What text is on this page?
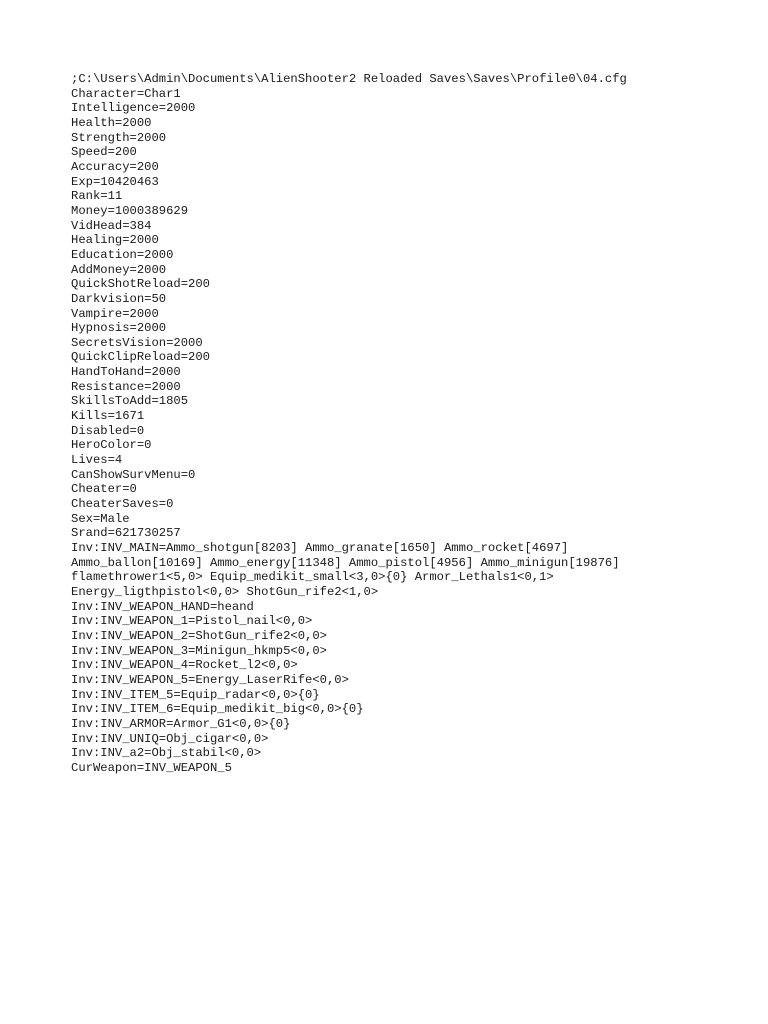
;C:\Users\Admin\Documents\AlienShooter2 Reloaded Saves\Saves\Profile0\04.cfg
Character=Char1
Intelligence=2000
Health=2000
Strength=2000
Speed=200
Accuracy=200
Exp=10420463
Rank=11
Money=1000389629
VidHead=384
Healing=2000
Education=2000
AddMoney=2000
QuickShotReload=200
Darkvision=50
Vampire=2000
Hypnosis=2000
SecretsVision=2000
QuickClipReload=200
HandToHand=2000
Resistance=2000
SkillsToAdd=1805
Kills=1671
Disabled=0
HeroColor=0
Lives=4
CanShowSurvMenu=0
Cheater=0
CheaterSaves=0
Sex=Male
Srand=621730257
Inv:INV_MAIN=Ammo_shotgun[8203] Ammo_granate[1650] Ammo_rocket[4697]
Ammo_ballon[10169] Ammo_energy[11348] Ammo_pistol[4956] Ammo_minigun[19876]
flamethrower1<5,0> Equip_medikit_small<3,0>{0} Armor_Lethals1<0,1>
Energy_ligthpistol<0,0> ShotGun_rife2<1,0>
Inv:INV_WEAPON_HAND=heand
Inv:INV_WEAPON_1=Pistol_nail<0,0>
Inv:INV_WEAPON_2=ShotGun_rife2<0,0>
Inv:INV_WEAPON_3=Minigun_hkmp5<0,0>
Inv:INV_WEAPON_4=Rocket_l2<0,0>
Inv:INV_WEAPON_5=Energy_LaserRife<0,0>
Inv:INV_ITEM_5=Equip_radar<0,0>{0}
Inv:INV_ITEM_6=Equip_medikit_big<0,0>{0}
Inv:INV_ARMOR=Armor_G1<0,0>{0}
Inv:INV_UNIQ=Obj_cigar<0,0>
Inv:INV_a2=Obj_stabil<0,0>
CurWeapon=INV_WEAPON_5
